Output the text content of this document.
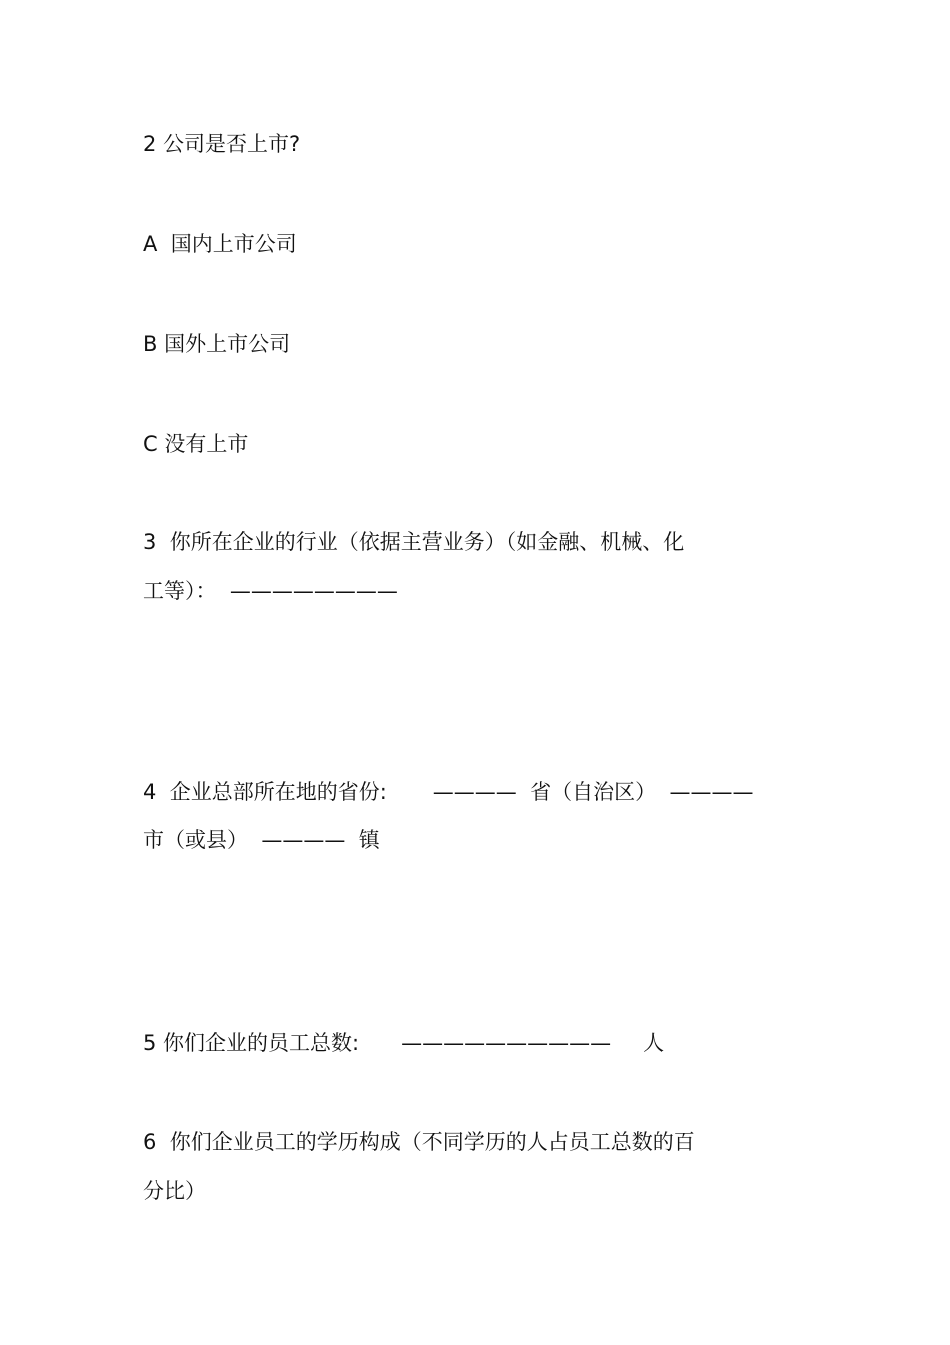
2 公司是否上市?

A  国内上市公司

B 国外上市公司

C 没有上市

3  你所在企业的行业（依据主营业务）（如金融、机械、化

工等）：  ————————

4  企业总部所在地的省份: ————  省（自治区）  ————

市（或县）  ————  镇

5 你们企业的员工总数: —————————— 人

6  你们企业员工的学历构成（不同学历的人占员工总数的百

分比）
